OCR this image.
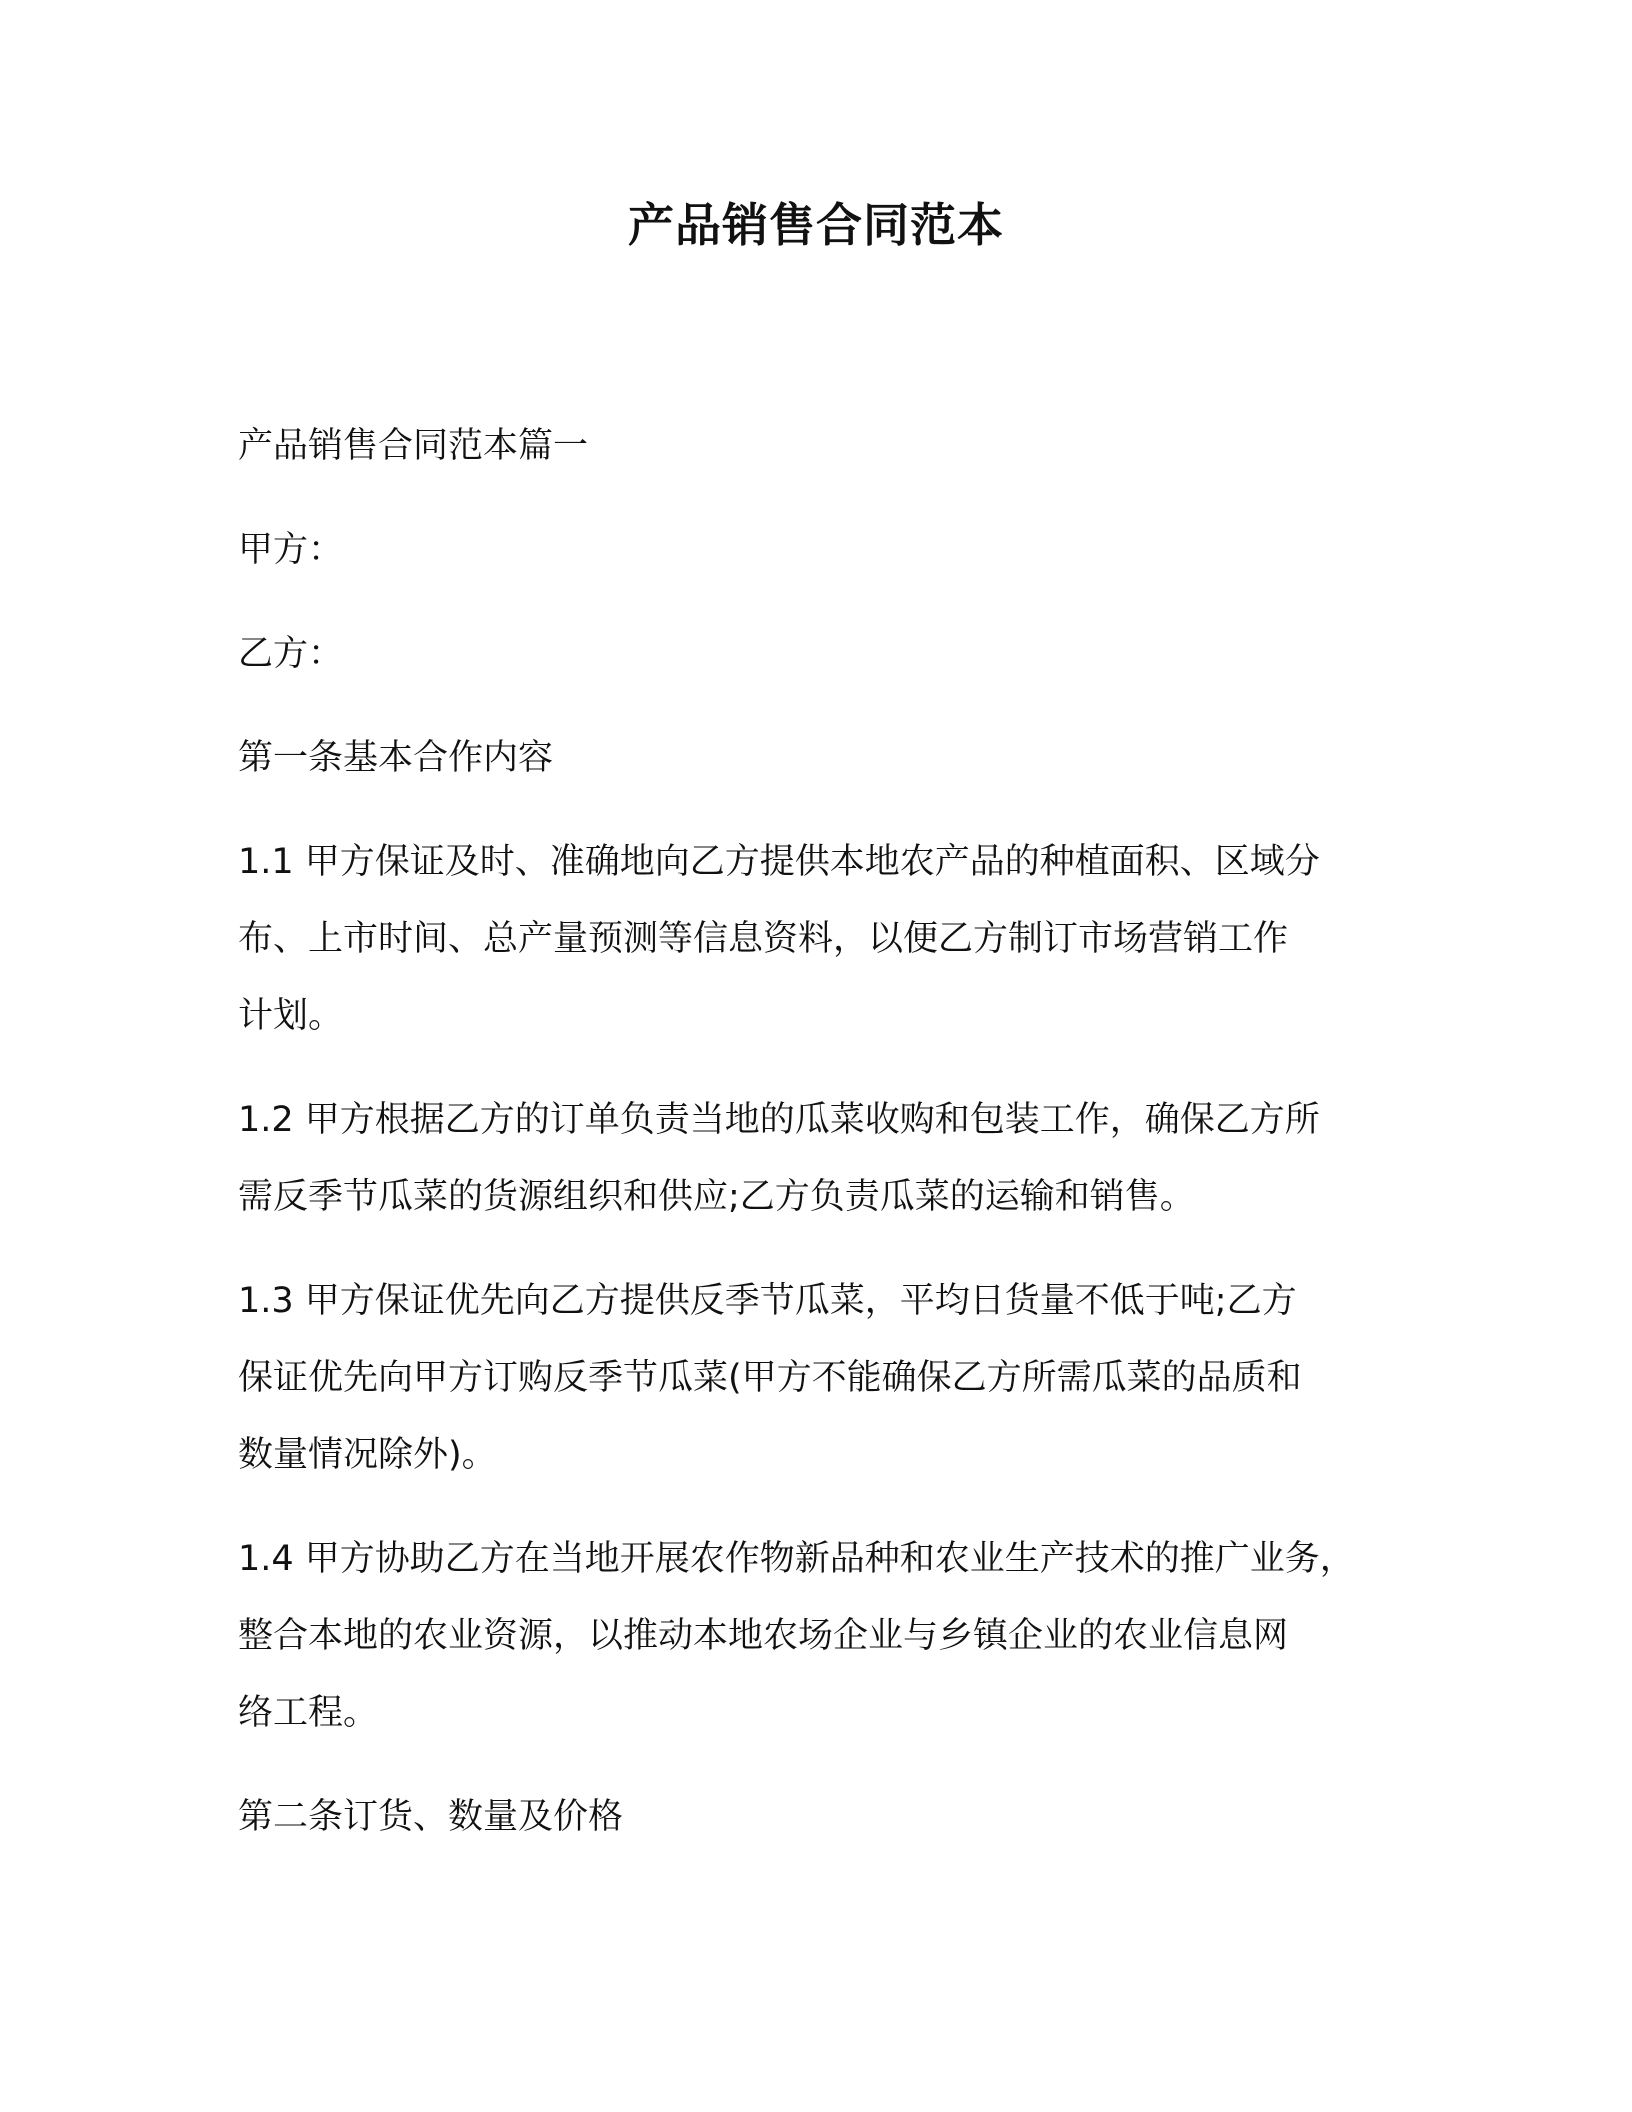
产品销售合同范本
产品销售合同范本篇一
甲方：
乙方：
第一条基本合作内容
1.1 甲方保证及时、准确地向乙方提供本地农产品的种植面积、区域分
布、上市时间、总产量预测等信息资料，以便乙方制订市场营销工作
计划。
1.2 甲方根据乙方的订单负责当地的瓜菜收购和包装工作，确保乙方所
需反季节瓜菜的货源组织和供应;乙方负责瓜菜的运输和销售。
1.3 甲方保证优先向乙方提供反季节瓜菜，平均日货量不低于吨;乙方
保证优先向甲方订购反季节瓜菜(甲方不能确保乙方所需瓜菜的品质和
数量情况除外)。
1.4 甲方协助乙方在当地开展农作物新品种和农业生产技术的推广业务，
整合本地的农业资源，以推动本地农场企业与乡镇企业的农业信息网
络工程。
第二条订货、数量及价格
